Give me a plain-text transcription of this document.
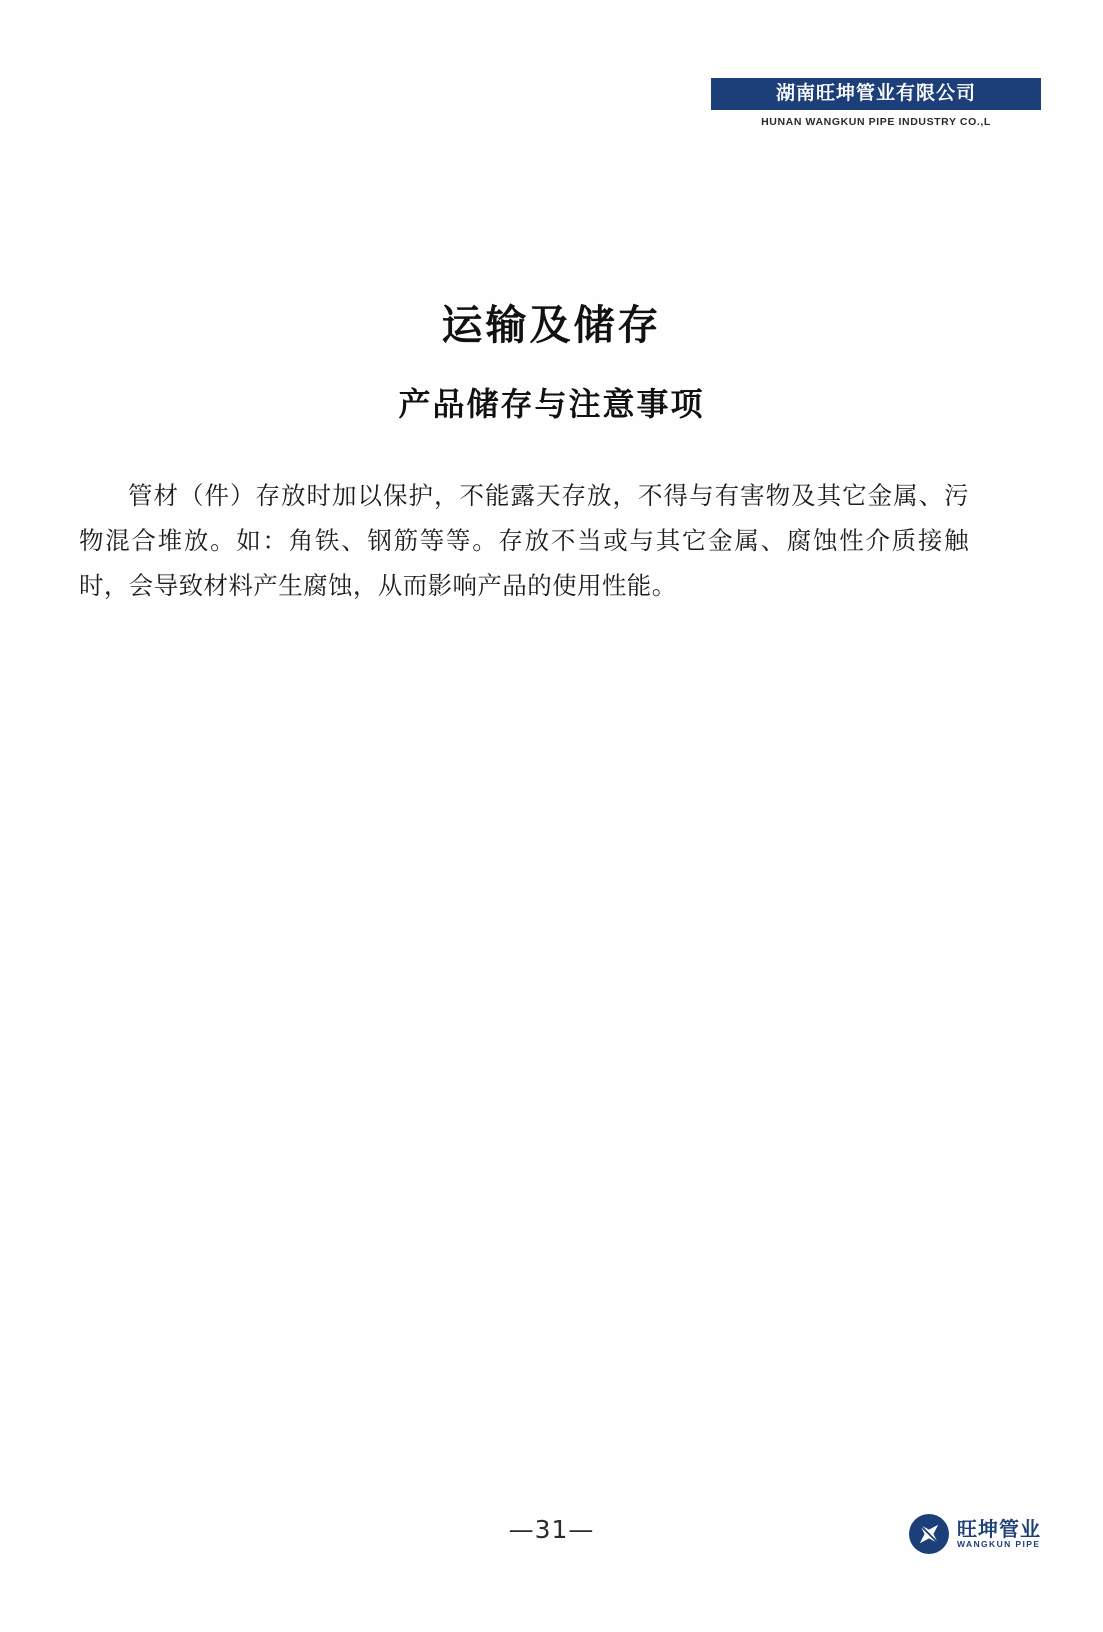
湖南旺坤管业有限公司
HUNAN WANGKUN PIPE INDUSTRY CO.,L
运输及储存
产品储存与注意事项

管材（件）存放时加以保护，不能露天存放，不得与有害物及其它金属、污物混合堆放。如：角铁、钢筋等等。存放不当或与其它金属、腐蚀性介质接触时，会导致材料产生腐蚀，从而影响产品的使用性能。

—31—	旺坤管业
WANGKUN PIPE
